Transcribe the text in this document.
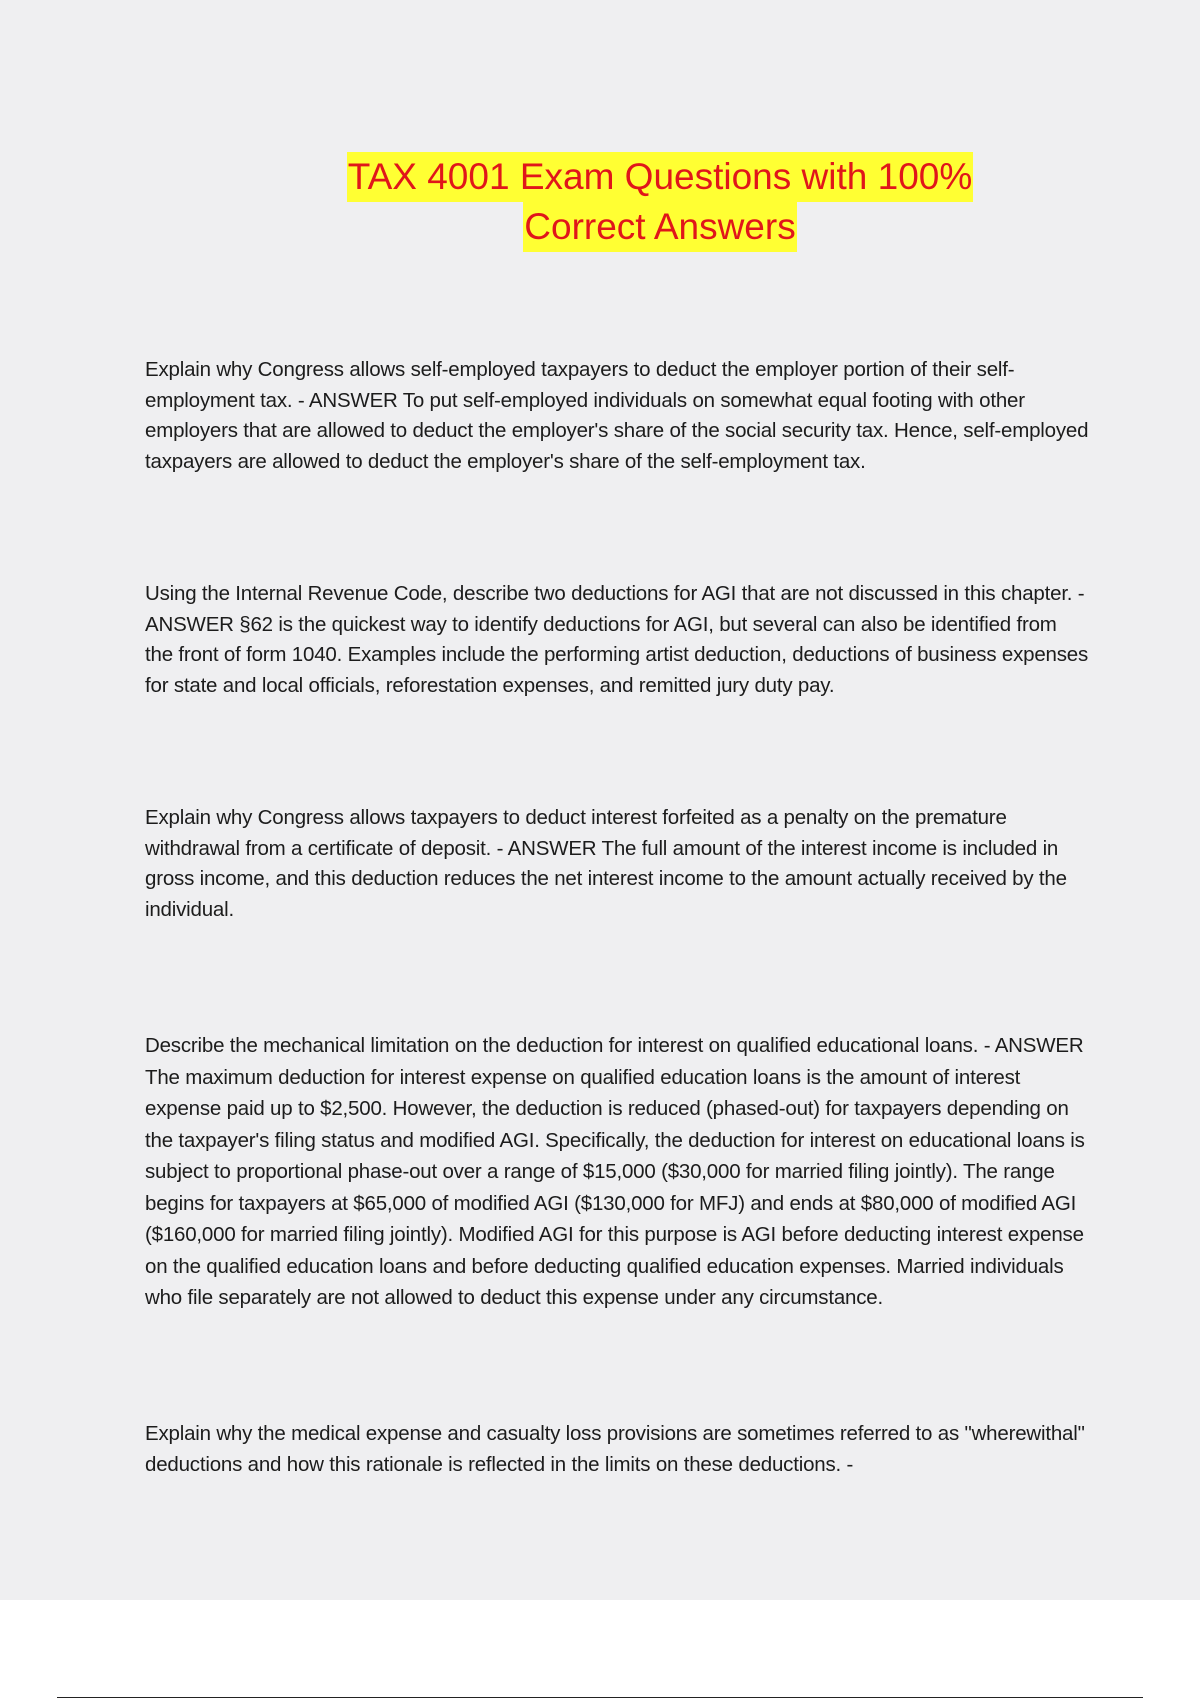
TAX 4001 Exam Questions with 100%
Correct Answers

Explain why Congress allows self-employed taxpayers to deduct the employer portion of their self-employment tax. - ANSWER To put self-employed individuals on somewhat equal footing with other employers that are allowed to deduct the employer's share of the social security tax. Hence, self-employed taxpayers are allowed to deduct the employer's share of the self-employment tax.

Using the Internal Revenue Code, describe two deductions for AGI that are not discussed in this chapter. - ANSWER §62 is the quickest way to identify deductions for AGI, but several can also be identified from the front of form 1040. Examples include the performing artist deduction, deductions of business expenses for state and local officials, reforestation expenses, and remitted jury duty pay.

Explain why Congress allows taxpayers to deduct interest forfeited as a penalty on the premature withdrawal from a certificate of deposit. - ANSWER The full amount of the interest income is included in gross income, and this deduction reduces the net interest income to the amount actually received by the individual.

Describe the mechanical limitation on the deduction for interest on qualified educational loans. - ANSWER The maximum deduction for interest expense on qualified education loans is the amount of interest expense paid up to $2,500. However, the deduction is reduced (phased-out) for taxpayers depending on the taxpayer's filing status and modified AGI. Specifically, the deduction for interest on educational loans is subject to proportional phase-out over a range of $15,000 ($30,000 for married filing jointly). The range begins for taxpayers at $65,000 of modified AGI ($130,000 for MFJ) and ends at $80,000 of modified AGI ($160,000 for married filing jointly). Modified AGI for this purpose is AGI before deducting interest expense on the qualified education loans and before deducting qualified education expenses. Married individuals who file separately are not allowed to deduct this expense under any circumstance.

Explain why the medical expense and casualty loss provisions are sometimes referred to as "wherewithal" deductions and how this rationale is reflected in the limits on these deductions. -
